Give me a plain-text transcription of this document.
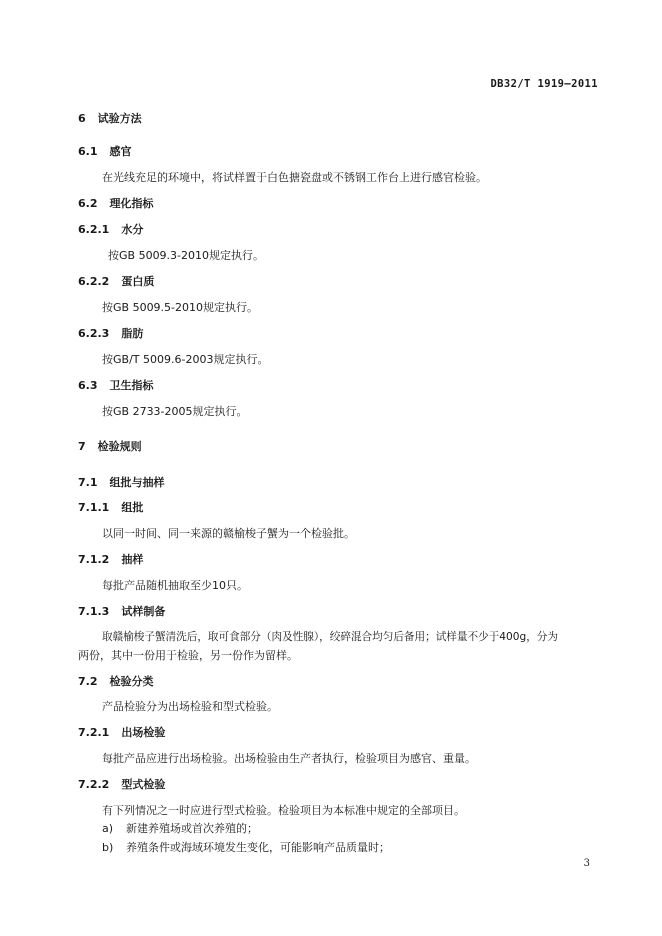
DB32/T 1919—2011
6 试验方法
6.1 感官
在光线充足的环境中，将试样置于白色搪瓷盘或不锈钢工作台上进行感官检验。
6.2 理化指标
6.2.1 水分
按GB 5009.3-2010规定执行。
6.2.2 蛋白质
按GB 5009.5-2010规定执行。
6.2.3 脂肪
按GB/T 5009.6-2003规定执行。
6.3 卫生指标
按GB 2733-2005规定执行。
7 检验规则
7.1 组批与抽样
7.1.1 组批
以同一时间、同一来源的赣榆梭子蟹为一个检验批。
7.1.2 抽样
每批产品随机抽取至少10只。
7.1.3 试样制备
取赣榆梭子蟹清洗后，取可食部分（肉及性腺），绞碎混合均匀后备用；试样量不少于400g，分为
两份，其中一份用于检验，另一份作为留样。
7.2 检验分类
产品检验分为出场检验和型式检验。
7.2.1 出场检验
每批产品应进行出场检验。出场检验由生产者执行，检验项目为感官、重量。
7.2.2 型式检验
有下列情况之一时应进行型式检验。检验项目为本标准中规定的全部项目。
a) 新建养殖场或首次养殖的；
b) 养殖条件或海域环境发生变化，可能影响产品质量时；
3
